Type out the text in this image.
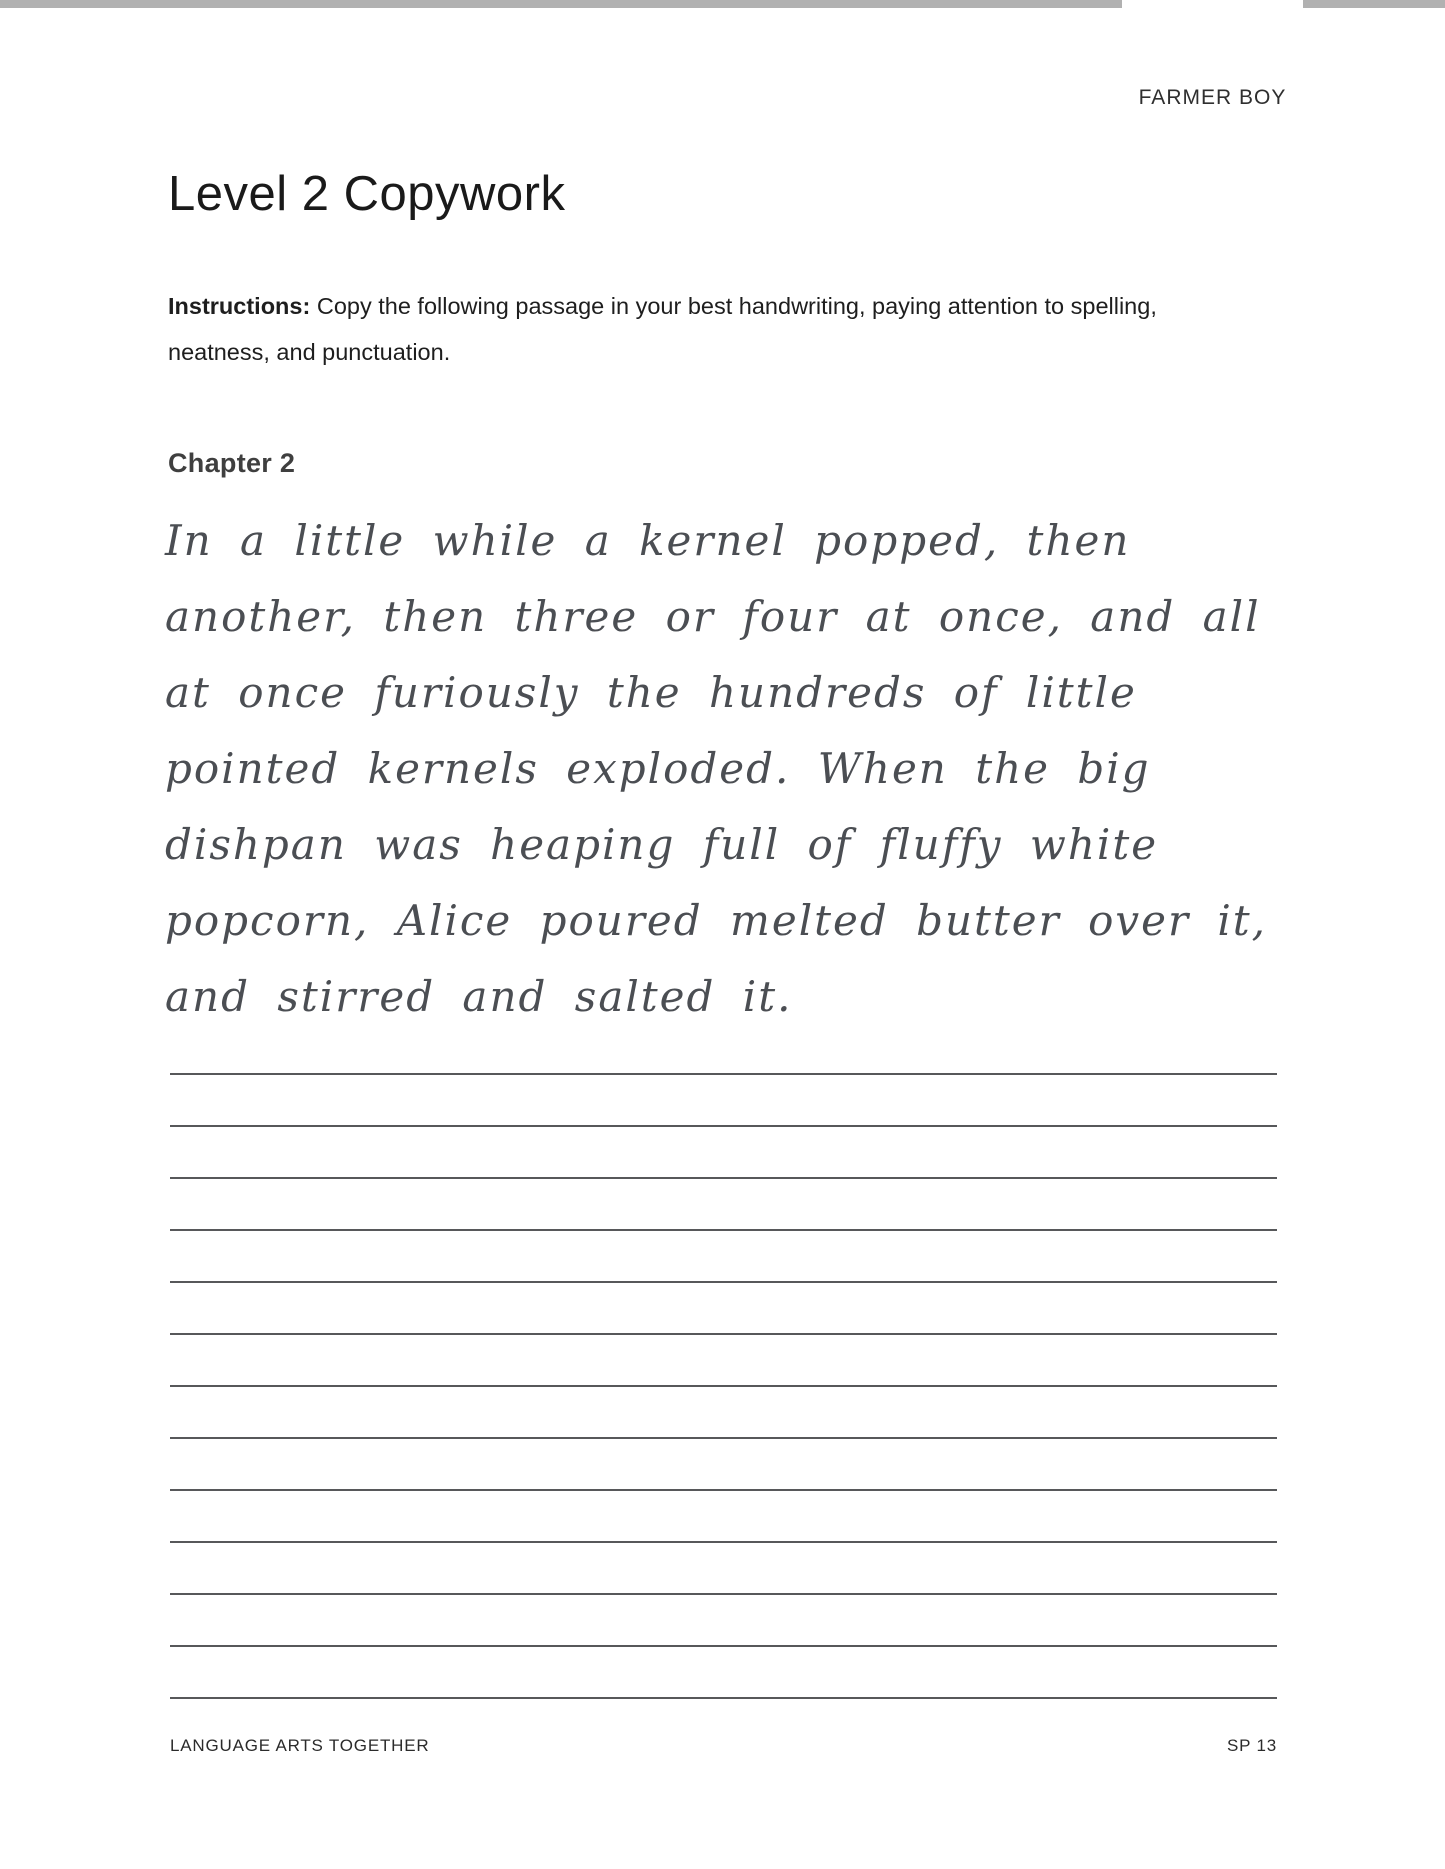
FARMER BOY
Level 2 Copywork

Instructions: Copy the following passage in your best handwriting, paying attention to spelling, neatness, and punctuation.

Chapter 2
In a little while a kernel popped, then
another, then three or four at once, and all
at once furiously the hundreds of little
pointed kernels exploded. When the big
dishpan was heaping full of fluffy white
popcorn, Alice poured melted butter over it,
and stirred and salted it.
LANGUAGE ARTS TOGETHER	SP 13
